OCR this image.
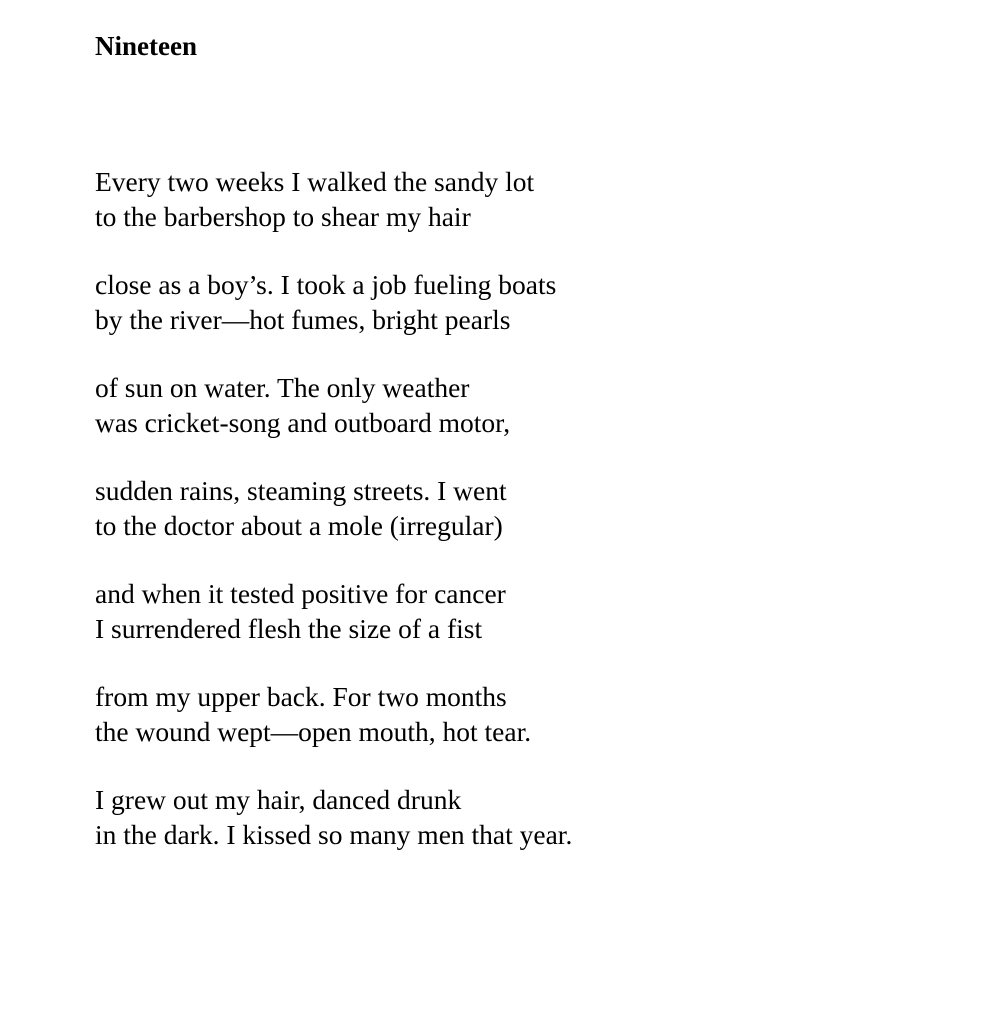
Nineteen
Every two weeks I walked the sandy lot
to the barbershop to shear my hair
close as a boy’s. I took a job fueling boats
by the river—hot fumes, bright pearls
of sun on water. The only weather
was cricket-song and outboard motor,
sudden rains, steaming streets. I went
to the doctor about a mole (irregular)
and when it tested positive for cancer
I surrendered flesh the size of a fist
from my upper back. For two months
the wound wept—open mouth, hot tear.
I grew out my hair, danced drunk
in the dark. I kissed so many men that year.
